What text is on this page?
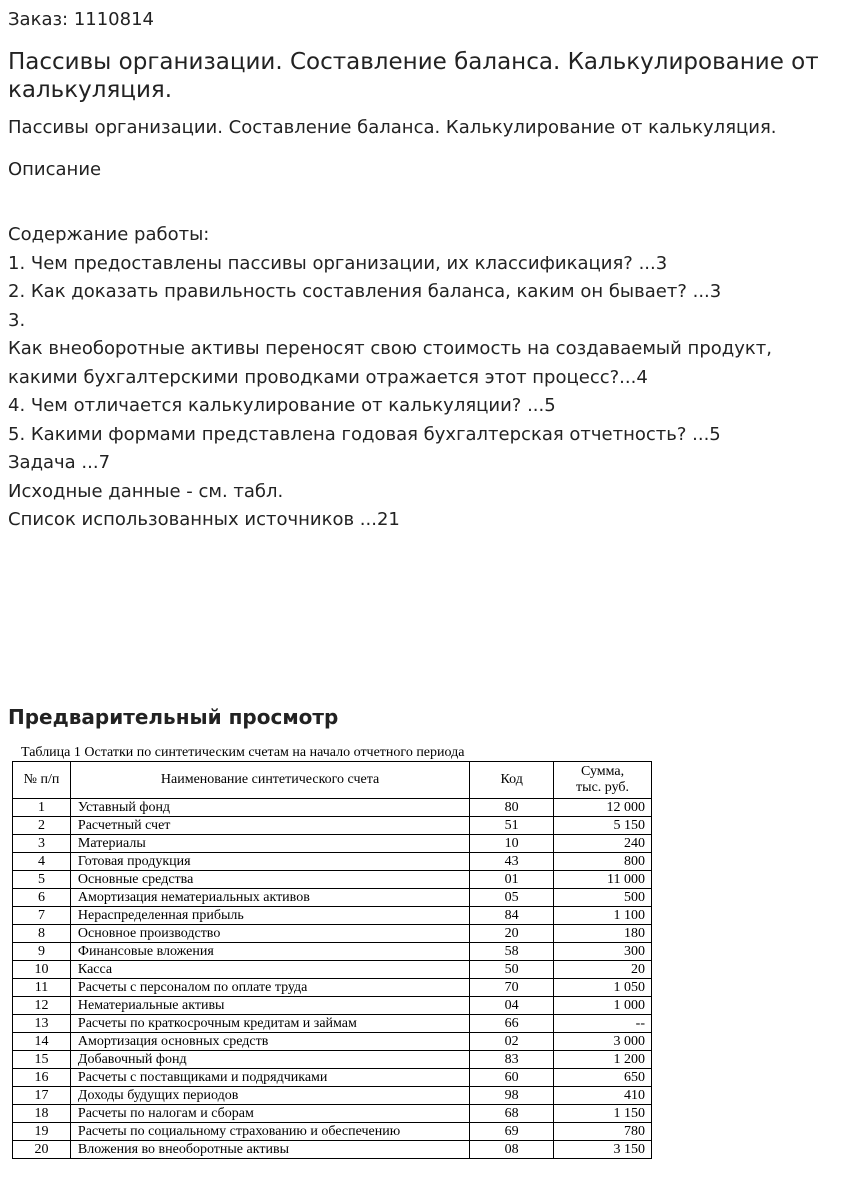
Заказ: 1110814
Пассивы организации. Составление баланса. Калькулирование от калькуляция.
Пассивы организации. Составление баланса. Калькулирование от калькуляция.
Описание
Содержание работы:
1. Чем предоставлены пассивы организации, их классификация? ...3
2. Как доказать правильность составления баланса, каким он бывает? ...3
3.
Как внеоборотные активы переносят свою стоимость на создаваемый продукт,
какими бухгалтерскими проводками отражается этот процесс?...4
4. Чем отличается калькулирование от калькуляции? ...5
5. Какими формами представлена годовая бухгалтерская отчетность? ...5
Задача ...7
Исходные данные - см. табл.
Список использованных источников ...21
Предварительный просмотр
Таблица 1 Остатки по синтетическим счетам на начало отчетного периода
№ п/п	Наименование синтетического счета	Код	Сумма,
тыс. руб.
1	Уставный фонд	80	12 000
2	Расчетный счет	51	5 150
3	Материалы	10	240
4	Готовая продукция	43	800
5	Основные средства	01	11 000
6	Амортизация нематериальных активов	05	500
7	Нераспределенная прибыль	84	1 100
8	Основное производство	20	180
9	Финансовые вложения	58	300
10	Касса	50	20
11	Расчеты с персоналом по оплате труда	70	1 050
12	Нематериальные активы	04	1 000
13	Расчеты по краткосрочным кредитам и займам	66	--
14	Амортизация основных средств	02	3 000
15	Добавочный фонд	83	1 200
16	Расчеты с поставщиками и подрядчиками	60	650
17	Доходы будущих периодов	98	410
18	Расчеты по налогам и сборам	68	1 150
19	Расчеты по социальному страхованию и обеспечению	69	780
20	Вложения во внеоборотные активы	08	3 150
